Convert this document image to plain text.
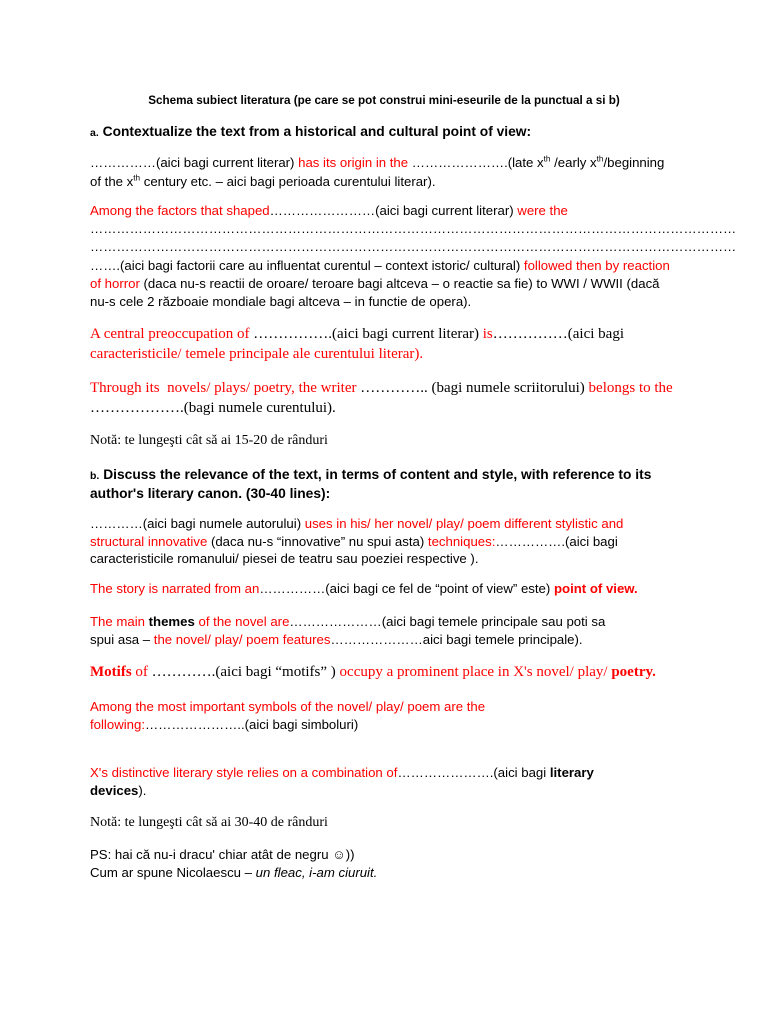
Schema subiect literatura (pe care se pot construi mini-eseurile de la punctual a si b)
a. Contextualize the text from a historical and cultural point of view:
……………(aici bagi current literar) has its origin in the ………………….(late $x^{th}$ /early $x^{th}$/beginning
of the $x^{th}$ century etc. – aici bagi perioada curentului literar).
Among the factors that shaped……………………(aici bagi current literar) were the
…………………………………………………………………………………………………………………………………
…………………………………………………………………………………………………………………………………
…….(aici bagi factorii care au influentat curentul – context istoric/ cultural) followed then by reaction
of horror (daca nu-s reactii de oroare/ teroare bagi altceva – o reactie sa fie) to WWI / WWII (dacă
nu-s cele 2 războaie mondiale bagi altceva – in functie de opera).
A central preoccupation of …………….(aici bagi current literar) is……………(aici bagi
caracteristicile/ temele principale ale curentului literar).
Through its  novels/ plays/ poetry, the writer ………….. (bagi numele scriitorului) belongs to the
……………….(bagi numele curentului).
Notă: te lungeşti cât să ai 15-20 de rânduri
b. Discuss the relevance of the text, in terms of content and style, with reference to its
author's literary canon. (30-40 lines):
…………(aici bagi numele autorului) uses in his/ her novel/ play/ poem different stylistic and
structural innovative (daca nu-s “innovative” nu spui asta) techniques:…………….(aici bagi
caracteristicile romanului/ piesei de teatru sau poeziei respective ).
The story is narrated from an……………(aici bagi ce fel de “point of view” este) point of view.
The main themes of the novel are…………………(aici bagi temele principale sau poti sa
spui asa – the novel/ play/ poem features…………………aici bagi temele principale).
Motifs of ………….(aici bagi “motifs” ) occupy a prominent place in X's novel/ play/ poetry.
Among the most important symbols of the novel/ play/ poem are the
following:…………………..(aici bagi simboluri)
X's distinctive literary style relies on a combination of………………….(aici bagi literary
devices).
Notă: te lungeşti cât să ai 30-40 de rânduri
PS: hai că nu-i dracu' chiar atât de negru ☺))
Cum ar spune Nicolaescu – un fleac, i-am ciuruit.
